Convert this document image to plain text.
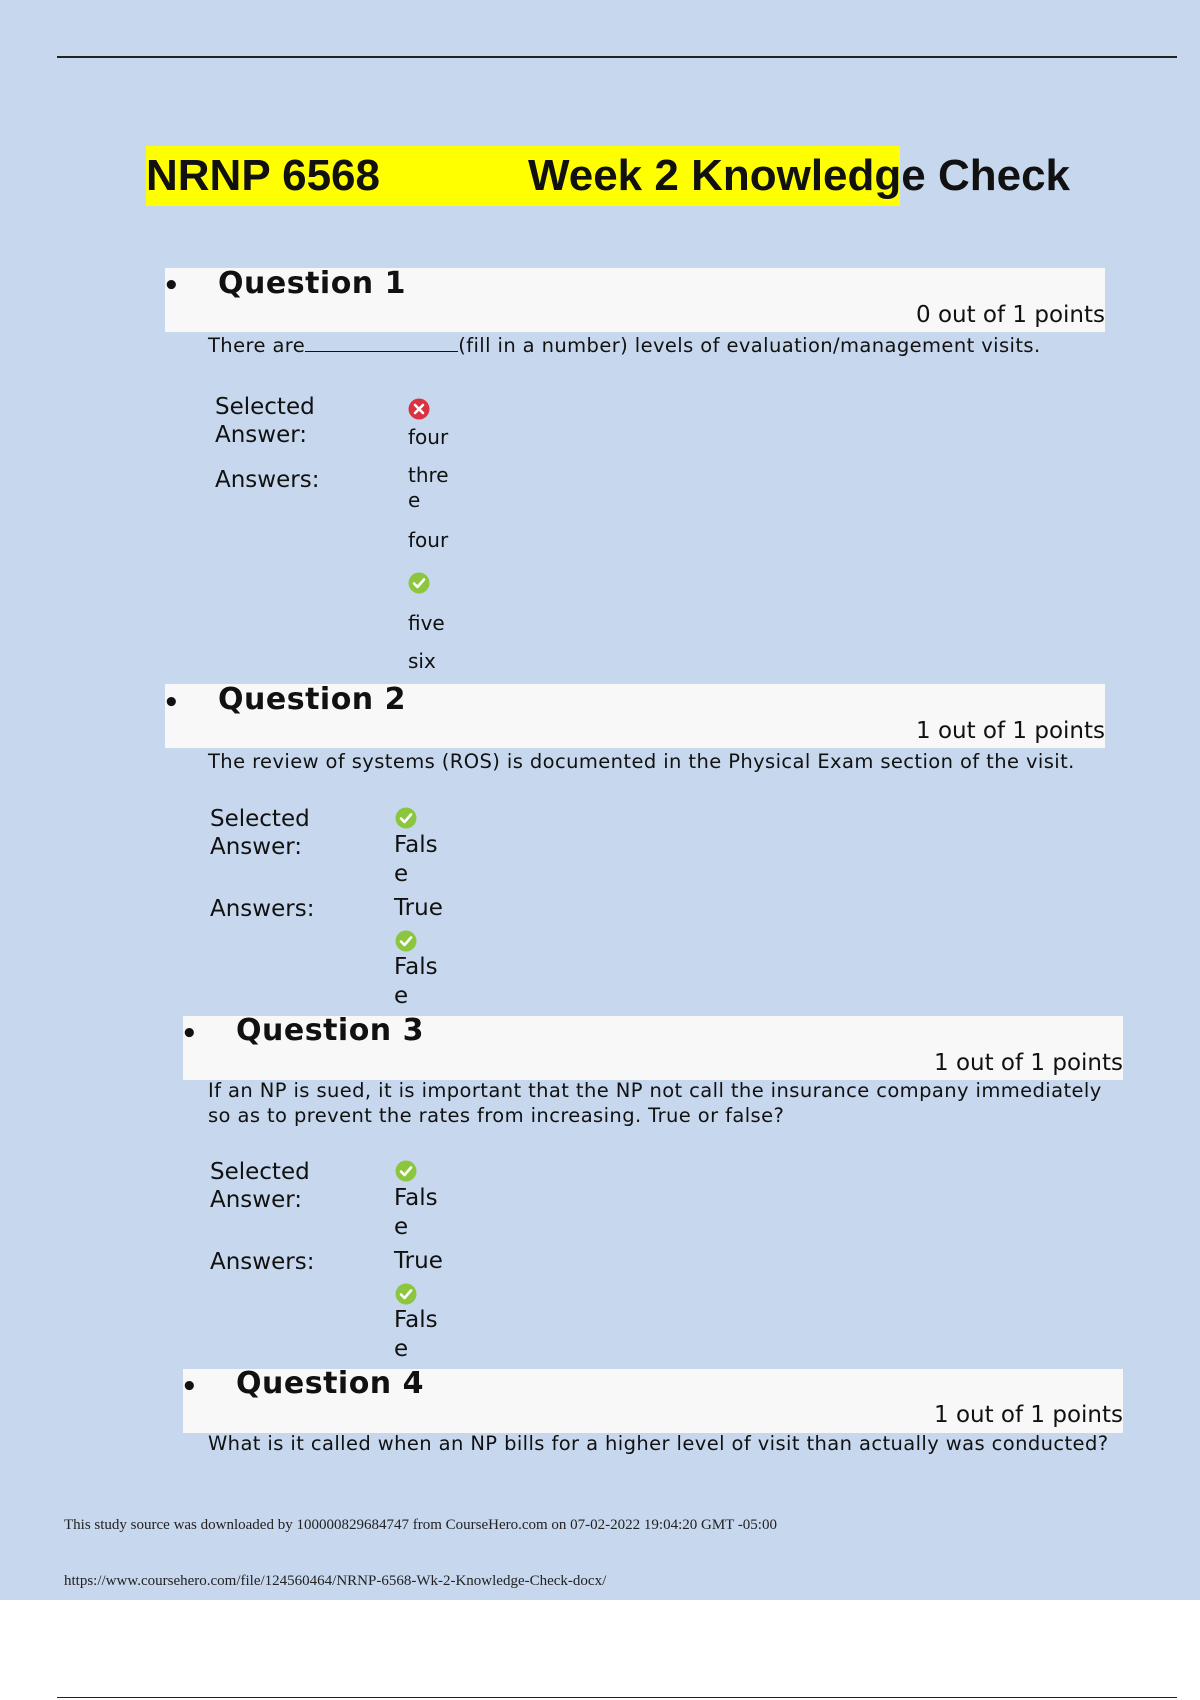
NRNP 6568	Week 2 Knowledge Check
• Question 1
0 out of 1 points
There are	(fill in a number) levels of evaluation/management visits.
Selected Answer:	four
Answers:	three
four
five
six
• Question 2
1 out of 1 points
The review of systems (ROS) is documented in the Physical Exam section of the visit.
Selected Answer:	False
Answers:	True
False
• Question 3
1 out of 1 points
If an NP is sued, it is important that the NP not call the insurance company immediately so as to prevent the rates from increasing. True or false?
Selected Answer:	False
Answers:	True
False
• Question 4
1 out of 1 points
What is it called when an NP bills for a higher level of visit than actually was conducted?
This study source was downloaded by 100000829684747 from CourseHero.com on 07-02-2022 19:04:20 GMT -05:00
https://www.coursehero.com/file/124560464/NRNP-6568-Wk-2-Knowledge-Check-docx/
